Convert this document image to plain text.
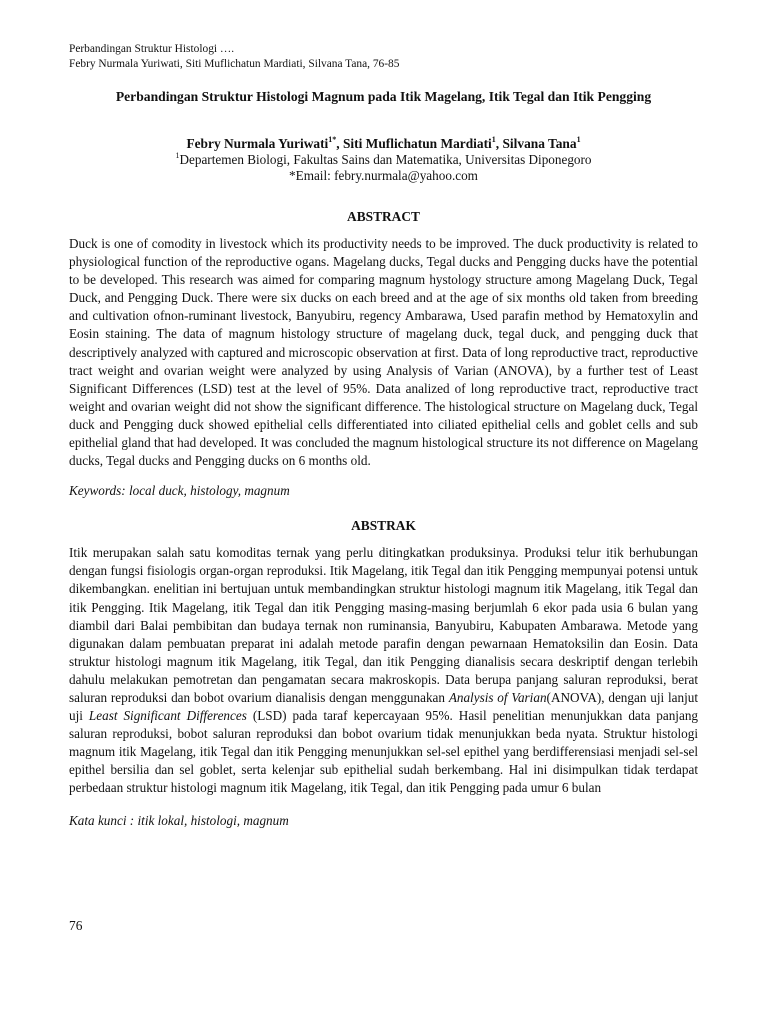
Perbandingan Struktur Histologi ….
Febry Nurmala Yuriwati, Siti Muflichatun Mardiati, Silvana Tana, 76-85
Perbandingan Struktur Histologi Magnum pada Itik Magelang, Itik Tegal dan Itik Pengging
Febry Nurmala Yuriwati$^{1*}$, Siti Muflichatun Mardiati$^1$, Silvana Tana$^1$
$^1$Departemen Biologi, Fakultas Sains dan Matematika, Universitas Diponegoro
*Email: febry.nurmala@yahoo.com
ABSTRACT
Duck is one of comodity in livestock which its productivity needs to be improved. The duck productivity is related to physiological function of the reproductive ogans. Magelang ducks, Tegal ducks and Pengging ducks have the potential to be developed. This research was aimed for comparing magnum hystology structure among Magelang Duck, Tegal Duck, and Pengging Duck. There were six ducks on each breed and at the age of six months old taken from breeding and cultivation ofnon-ruminant livestock, Banyubiru, regency Ambarawa, Used parafin method by Hematoxylin and Eosin staining. The data of magnum histology structure of magelang duck, tegal duck, and pengging duck that descriptively analyzed with captured and microscopic observation at first. Data of long reproductive tract, reproductive tract weight and ovarian weight were analyzed by using Analysis of Varian (ANOVA), by a further test of Least Significant Differences (LSD) test at the level of 95%. Data analized of long reproductive tract, reproductive tract weight and ovarian weight did not show the significant difference. The histological structure on Magelang duck, Tegal duck and Pengging duck showed epithelial cells differentiated into ciliated epithelial cells and goblet cells and sub epithelial gland that had developed. It was concluded the magnum histological structure its not difference on Magelang ducks, Tegal ducks and Pengging ducks on 6 months old.
Keywords: local duck, histology, magnum
ABSTRAK
Itik merupakan salah satu komoditas ternak yang perlu ditingkatkan produksinya. Produksi telur itik berhubungan dengan fungsi fisiologis organ-organ reproduksi. Itik Magelang, itik Tegal dan itik Pengging mempunyai potensi untuk dikembangkan. enelitian ini bertujuan untuk membandingkan struktur histologi magnum itik Magelang, itik Tegal dan itik Pengging. Itik Magelang, itik Tegal dan itik Pengging masing-masing berjumlah 6 ekor pada usia 6 bulan yang diambil dari Balai pembibitan dan budaya ternak non ruminansia, Banyubiru, Kabupaten Ambarawa. Metode yang digunakan dalam pembuatan preparat ini adalah metode parafin dengan pewarnaan Hematoksilin dan Eosin. Data struktur histologi magnum itik Magelang, itik Tegal, dan itik Pengging dianalisis secara deskriptif dengan terlebih dahulu melakukan pemotretan dan pengamatan secara makroskopis. Data berupa panjang saluran reproduksi, berat saluran reproduksi dan bobot ovarium dianalisis dengan menggunakan Analysis of Varian(ANOVA), dengan uji lanjut uji Least Significant Differences (LSD) pada taraf kepercayaan 95%. Hasil penelitian menunjukkan data panjang saluran reproduksi, bobot saluran reproduksi dan bobot ovarium tidak menunjukkan beda nyata. Struktur histologi magnum itik Magelang, itik Tegal dan itik Pengging menunjukkan sel-sel epithel yang berdifferensiasi menjadi sel-sel epithel bersilia dan sel goblet, serta kelenjar sub epithelial sudah berkembang. Hal ini disimpulkan tidak terdapat perbedaan struktur histologi magnum itik Magelang, itik Tegal, dan itik Pengging pada umur 6 bulan
Kata kunci : itik lokal, histologi, magnum
76
